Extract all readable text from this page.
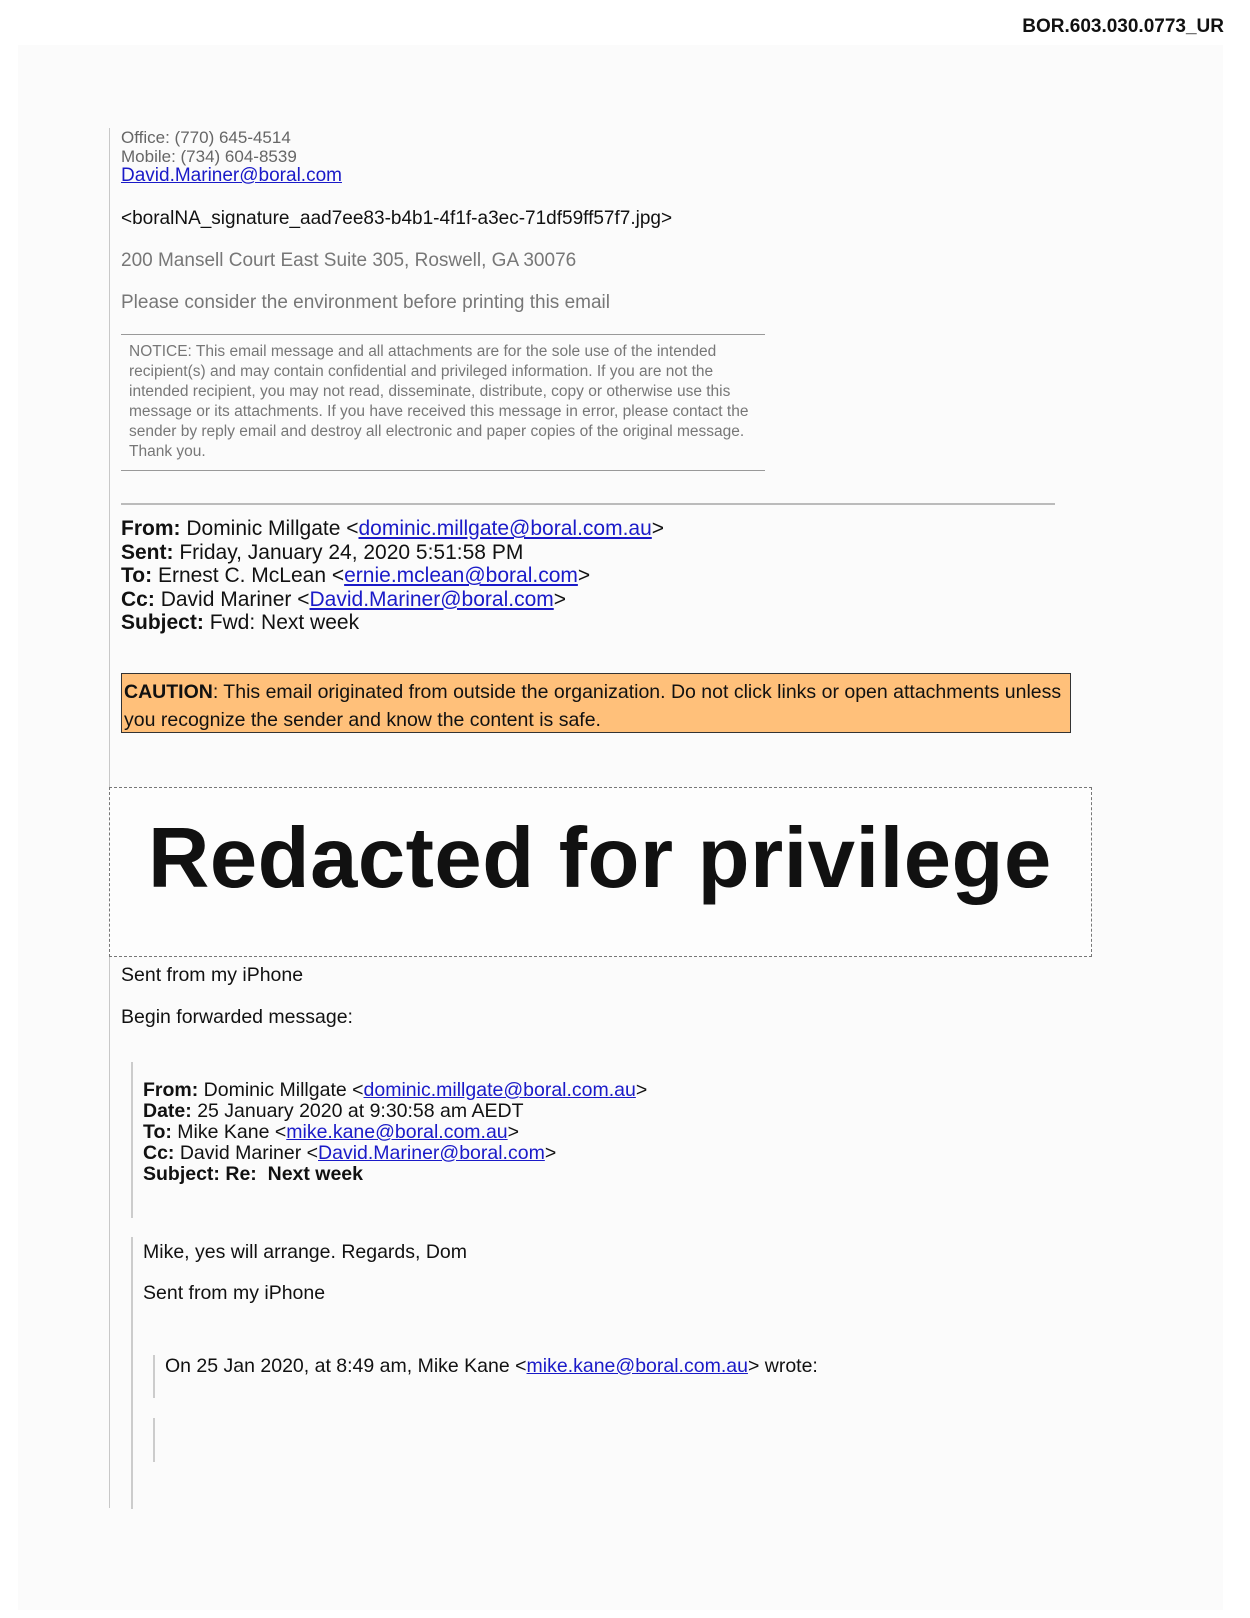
BOR.603.030.0773_UR
Office: (770) 645-4514
Mobile: (734) 604-8539
David.Mariner@boral.com
<boralNA_signature_aad7ee83-b4b1-4f1f-a3ec-71df59ff57f7.jpg>
200 Mansell Court East Suite 305, Roswell, GA 30076
Please consider the environment before printing this email
NOTICE: This email message and all attachments are for the sole use of the intended recipient(s) and may contain confidential and privileged information. If you are not the intended recipient, you may not read, disseminate, distribute, copy or otherwise use this message or its attachments. If you have received this message in error, please contact the sender by reply email and destroy all electronic and paper copies of the original message. Thank you.
From: Dominic Millgate <dominic.millgate@boral.com.au>
Sent: Friday, January 24, 2020 5:51:58 PM
To: Ernest C. McLean <ernie.mclean@boral.com>
Cc: David Mariner <David.Mariner@boral.com>
Subject: Fwd: Next week
CAUTION: This email originated from outside the organization. Do not click links or open attachments unless you recognize the sender and know the content is safe.
Redacted for privilege
Sent from my iPhone
Begin forwarded message:
From: Dominic Millgate <dominic.millgate@boral.com.au>
Date: 25 January 2020 at 9:30:58 am AEDT
To: Mike Kane <mike.kane@boral.com.au>
Cc: David Mariner <David.Mariner@boral.com>
Subject: Re:  Next week
Mike, yes will arrange. Regards, Dom
Sent from my iPhone
On 25 Jan 2020, at 8:49 am, Mike Kane <mike.kane@boral.com.au> wrote:
